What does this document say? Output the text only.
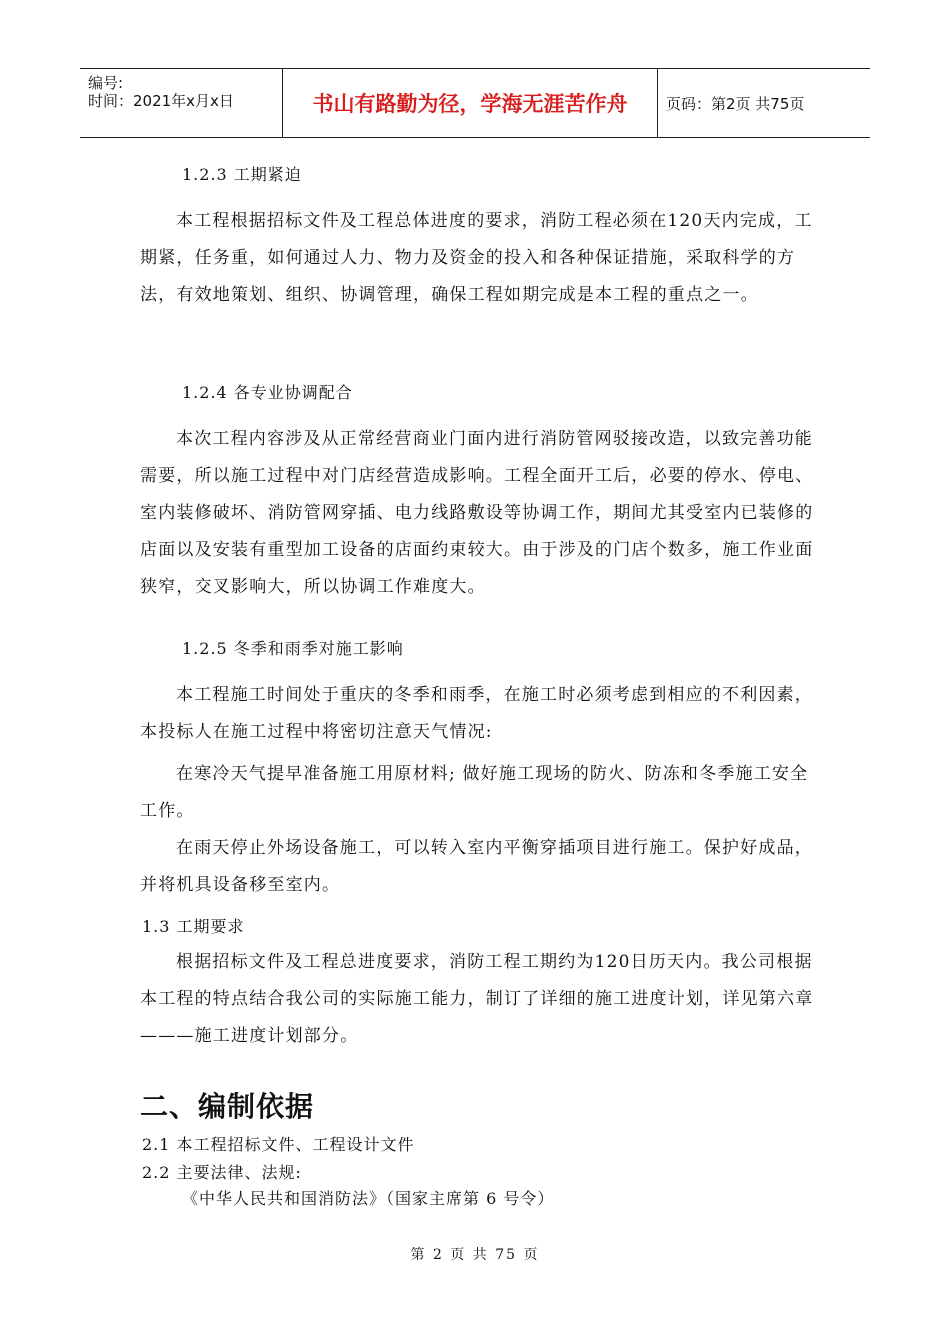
编号:
时间：2021年x月x日	书山有路勤为径，学海无涯苦作舟	页码：第2页 共75页
1.2.3 工期紧迫
本工程根据招标文件及工程总体进度的要求，消防工程必须在120天内完成，工期紧，任务重，如何通过人力、物力及资金的投入和各种保证措施，采取科学的方法，有效地策划、组织、协调管理，确保工程如期完成是本工程的重点之一。
1.2.4 各专业协调配合
本次工程内容涉及从正常经营商业门面内进行消防管网驳接改造，以致完善功能需要，所以施工过程中对门店经营造成影响。工程全面开工后，必要的停水、停电、室内装修破坏、消防管网穿插、电力线路敷设等协调工作，期间尤其受室内已装修的店面以及安装有重型加工设备的店面约束较大。由于涉及的门店个数多，施工作业面狭窄，交叉影响大，所以协调工作难度大。
1.2.5 冬季和雨季对施工影响
本工程施工时间处于重庆的冬季和雨季，在施工时必须考虑到相应的不利因素，本投标人在施工过程中将密切注意天气情况:
在寒冷天气提早准备施工用原材料; 做好施工现场的防火、防冻和冬季施工安全工作。
在雨天停止外场设备施工，可以转入室内平衡穿插项目进行施工。保护好成品，并将机具设备移至室内。
1.3 工期要求
根据招标文件及工程总进度要求，消防工程工期约为120日历天内。我公司根据本工程的特点结合我公司的实际施工能力，制订了详细的施工进度计划，详见第六章———施工进度计划部分。
二、编制依据
2.1 本工程招标文件、工程设计文件
2.2 主要法律、法规:
《中华人民共和国消防法》（国家主席第 6 号令）
第 2 页 共 75 页
